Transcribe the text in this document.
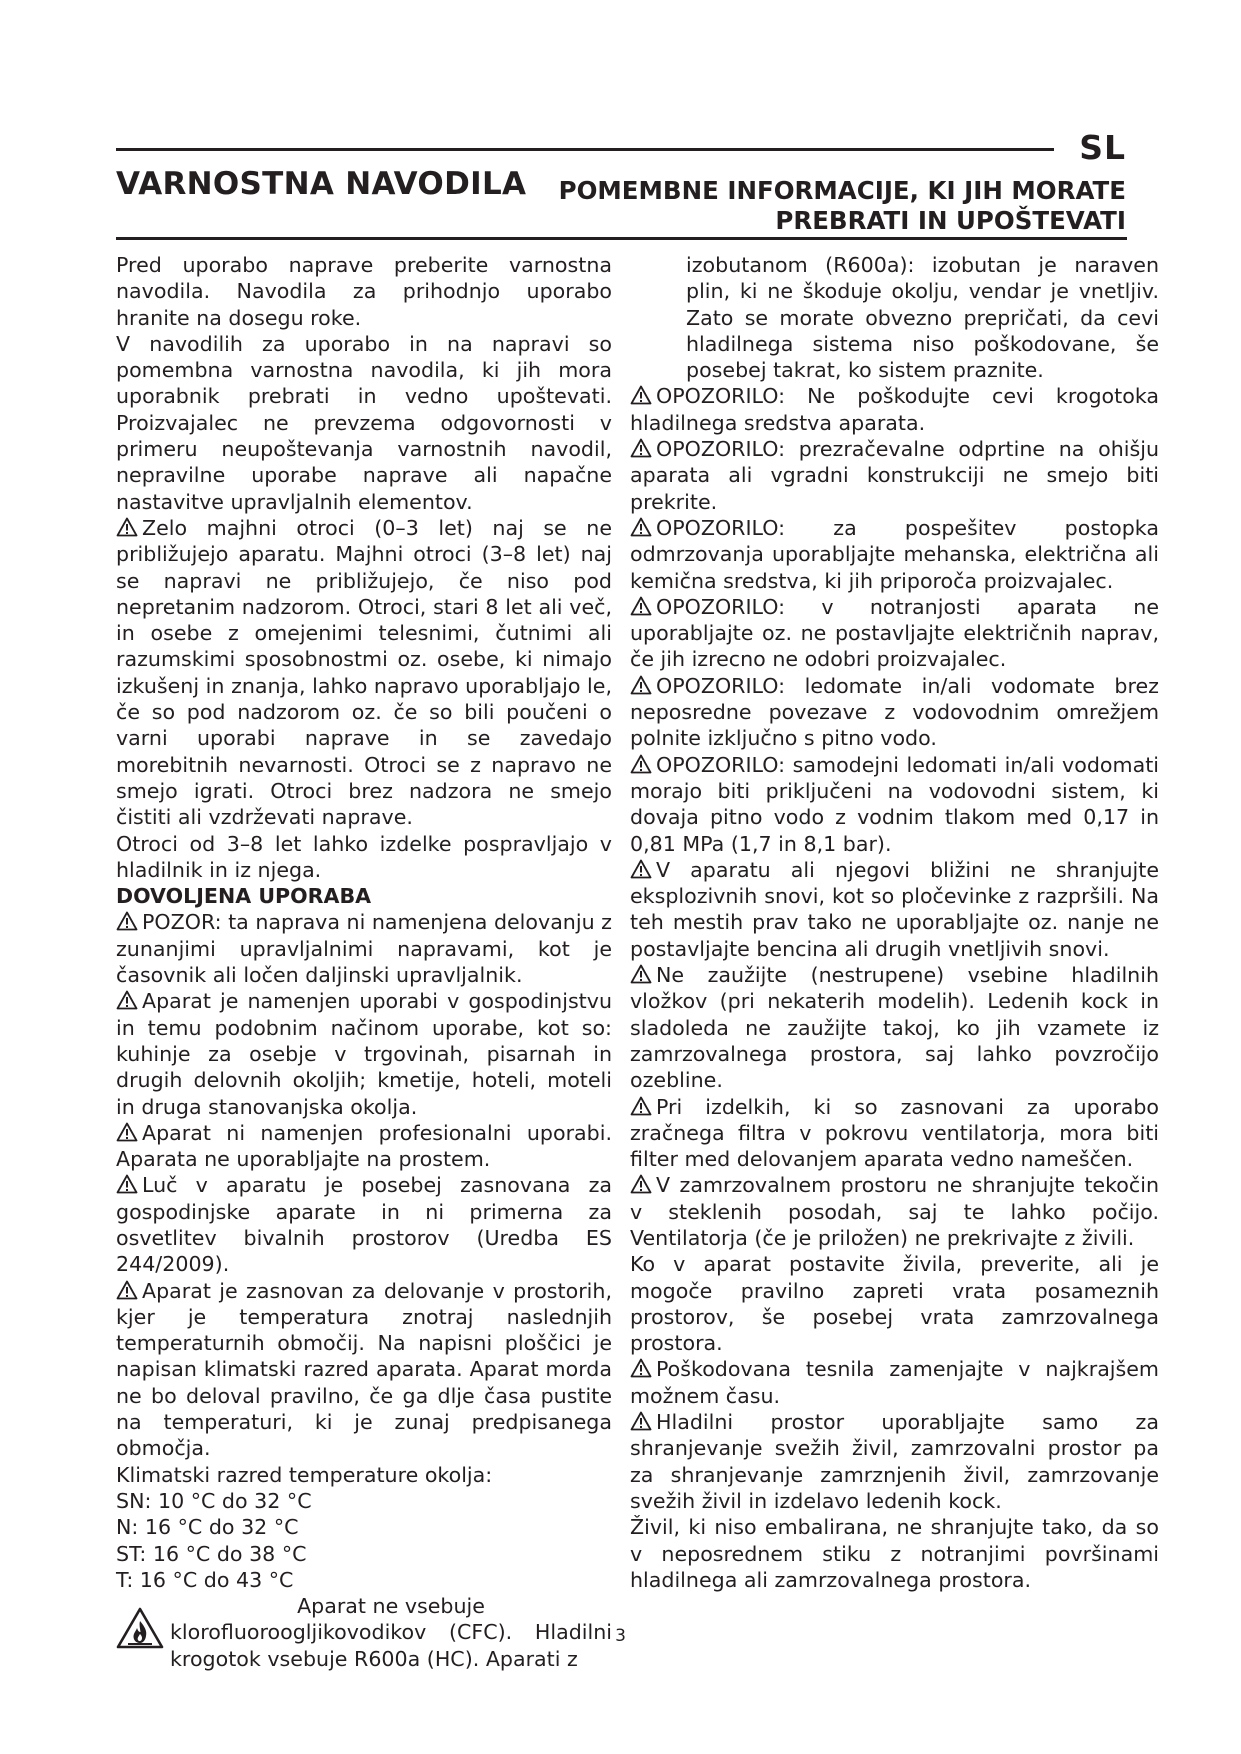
SL
VARNOSTNA NAVODILA	POMEMBNE INFORMACIJE, KI JIH MORATE PREBRATI IN UPOŠTEVATI

Pred uporabo naprave preberite varnostna navodila. Navodila za prihodnjo uporabo hranite na dosegu roke.

V navodilih za uporabo in na napravi so pomembna varnostna navodila, ki jih mora uporabnik prebrati in vedno upoštevati. Proizvajalec ne prevzema odgovornosti v primeru neupoštevanja varnostnih navodil, nepravilne uporabe naprave ali napačne nastavitve upravljalnih elementov.

Zelo majhni otroci (0–3 let) naj se ne približujejo aparatu. Majhni otroci (3–8 let) naj se napravi ne približujejo, če niso pod nepretanim nadzorom. Otroci, stari 8 let ali več, in osebe z omejenimi telesnimi, čutnimi ali razumskimi sposobnostmi oz. osebe, ki nimajo izkušenj in znanja, lahko napravo uporabljajo le, če so pod nadzorom oz. če so bili poučeni o varni uporabi naprave in se zavedajo morebitnih nevarnosti. Otroci se z napravo ne smejo igrati. Otroci brez nadzora ne smejo čistiti ali vzdrževati naprave.

Otroci od 3–8 let lahko izdelke pospravljajo v hladilnik in iz njega.

DOVOLJENA UPORABA

POZOR: ta naprava ni namenjena delovanju z zunanjimi upravljalnimi napravami, kot je časovnik ali ločen daljinski upravljalnik.

Aparat je namenjen uporabi v gospodinjstvu in temu podobnim načinom uporabe, kot so: kuhinje za osebje v trgovinah, pisarnah in drugih delovnih okoljih; kmetije, hoteli, moteli in druga stanovanjska okolja.

Aparat ni namenjen profesionalni uporabi. Aparata ne uporabljajte na prostem.

Luč v aparatu je posebej zasnovana za gospodinjske aparate in ni primerna za osvetlitev bivalnih prostorov (Uredba ES 244/2009).

Aparat je zasnovan za delovanje v prostorih, kjer je temperatura znotraj naslednjih temperaturnih območij. Na napisni ploščici je napisan klimatski razred aparata. Aparat morda ne bo deloval pravilno, če ga dlje časa pustite na temperaturi, ki je zunaj predpisanega območja.

Klimatski razred temperature okolja:

SN: 10 °C do 32 °C

N: 16 °C do 32 °C

ST: 16 °C do 38 °C

T: 16 °C do 43 °C

Aparat ne vsebuje

klorofluoroogljikovodikov (CFC). Hladilni krogotok vsebuje R600a (HC). Aparati z

izobutanom (R600a): izobutan je naraven plin, ki ne škoduje okolju, vendar je vnetljiv. Zato se morate obvezno prepričati, da cevi hladilnega sistema niso poškodovane, še posebej takrat, ko sistem praznite.

OPOZORILO: Ne poškodujte cevi krogotoka hladilnega sredstva aparata.

OPOZORILO: prezračevalne odprtine na ohišju aparata ali vgradni konstrukciji ne smejo biti prekrite.

OPOZORILO: za pospešitev postopka odmrzovanja uporabljajte mehanska, električna ali kemična sredstva, ki jih priporoča proizvajalec.

OPOZORILO: v notranjosti aparata ne uporabljajte oz. ne postavljajte električnih naprav, če jih izrecno ne odobri proizvajalec.

OPOZORILO: ledomate in/ali vodomate brez neposredne povezave z vodovodnim omrežjem polnite izključno s pitno vodo.

OPOZORILO: samodejni ledomati in/ali vodomati morajo biti priključeni na vodovodni sistem, ki dovaja pitno vodo z vodnim tlakom med 0,17 in 0,81 MPa (1,7 in 8,1 bar).

V aparatu ali njegovi bližini ne shranjujte eksplozivnih snovi, kot so pločevinke z razpršili. Na teh mestih prav tako ne uporabljajte oz. nanje ne postavljajte bencina ali drugih vnetljivih snovi.

Ne zaužijte (nestrupene) vsebine hladilnih vložkov (pri nekaterih modelih). Ledenih kock in sladoleda ne zaužijte takoj, ko jih vzamete iz zamrzovalnega prostora, saj lahko povzročijo ozebline.

Pri izdelkih, ki so zasnovani za uporabo zračnega filtra v pokrovu ventilatorja, mora biti filter med delovanjem aparata vedno nameščen.

V zamrzovalnem prostoru ne shranjujte tekočin v steklenih posodah, saj te lahko počijo. Ventilatorja (če je priložen) ne prekrivajte z živili.

Ko v aparat postavite živila, preverite, ali je mogoče pravilno zapreti vrata posameznih prostorov, še posebej vrata zamrzovalnega prostora.

Poškodovana tesnila zamenjajte v najkrajšem možnem času.

Hladilni prostor uporabljajte samo za shranjevanje svežih živil, zamrzovalni prostor pa za shranjevanje zamrznjenih živil, zamrzovanje svežih živil in izdelavo ledenih kock.

Živil, ki niso embalirana, ne shranjujte tako, da so v neposrednem stiku z notranjimi površinami hladilnega ali zamrzovalnega prostora.

3
